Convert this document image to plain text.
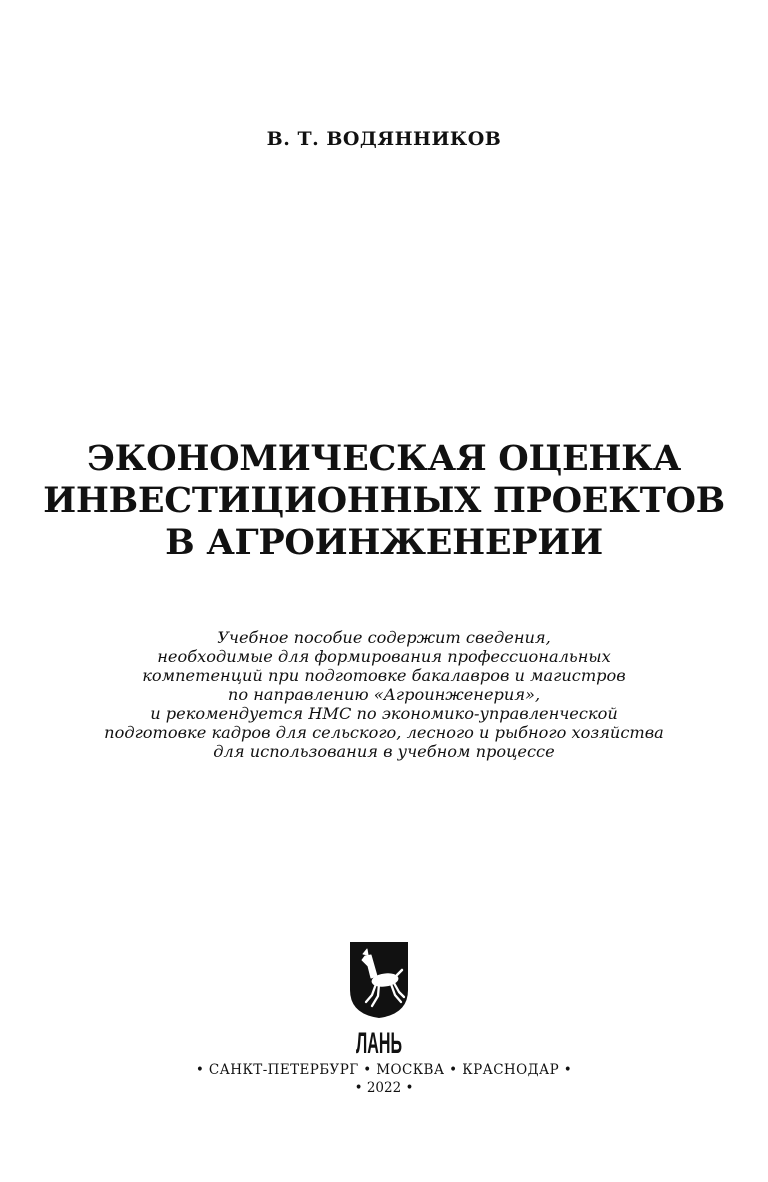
В. Т. ВОДЯННИКОВ
ЭКОНОМИЧЕСКАЯ ОЦЕНКА
ИНВЕСТИЦИОННЫХ ПРОЕКТОВ
В АГРОИНЖЕНЕРИИ
Учебное пособие содержит сведения,
необходимые для формирования профессиональных
компетенций при подготовке бакалавров и магистров
по направлению «Агроинженерия»,
и рекомендуется НМС по экономико-управленческой
подготовке кадров для сельского, лесного и рыбного хозяйства
для использования в учебном процессе
ЛАНЬ
• САНКТ-ПЕТЕРБУРГ • МОСКВА • КРАСНОДАР •
• 2022 •
